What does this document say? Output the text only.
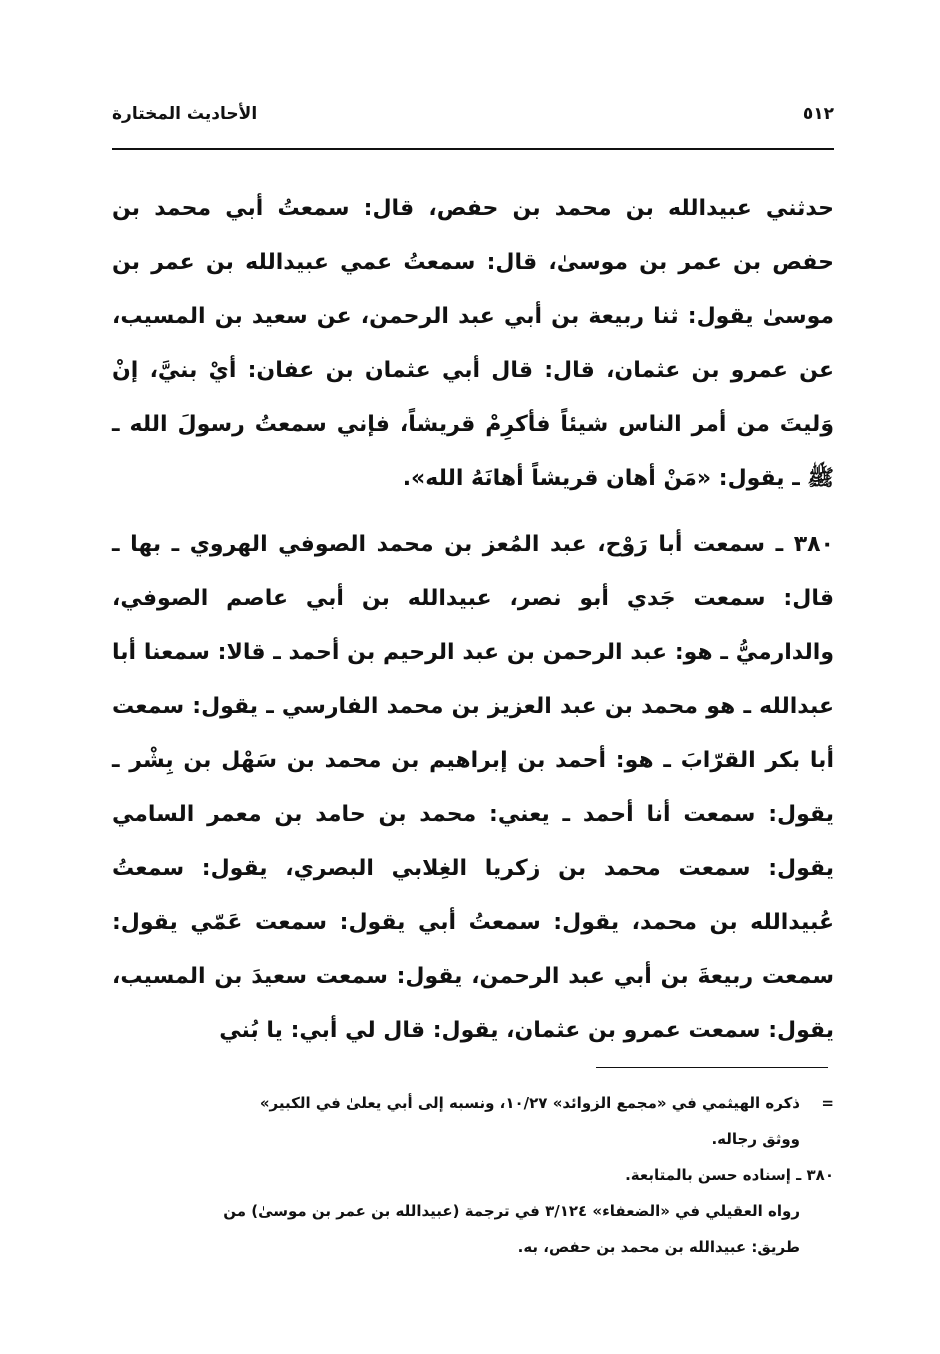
٥١٢
الأحاديث المختارة

حدثني عبيدالله بن محمد بن حفص، قال: سمعتُ أبي محمد بن حفص بن عمر بن موسىٰ، قال: سمعتُ عمي عبيدالله بن عمر بن موسىٰ يقول: ثنا ربيعة بن أبي عبد الرحمن، عن سعيد بن المسيب، عن عمرو بن عثمان، قال: قال أبي عثمان بن عفان: أيْ بنيَّ، إنْ وَليتَ من أمر الناس شيئاً فأكرِمْ قريشاً، فإني سمعتُ رسولَ الله ـ ﷺ ـ يقول: «مَنْ أهان قريشاً أهانَهُ الله».

٣٨٠ ـ سمعت أبا رَوْح، عبد المُعز بن محمد الصوفي الهروي ـ بها ـ قال: سمعت جَدي أبو نصر، عبيدالله بن أبي عاصم الصوفي، والدارميُّ ـ هو: عبد الرحمن بن عبد الرحيم بن أحمد ـ قالا: سمعنا أبا عبدالله ـ هو محمد بن عبد العزيز بن محمد الفارسي ـ يقول: سمعت أبا بكر القرّابَ ـ هو: أحمد بن إبراهيم بن محمد بن سَهْل بن بِشْر ـ يقول: سمعت أنا أحمد ـ يعني: محمد بن حامد بن معمر السامي يقول: سمعت محمد بن زكريا الغِلابي البصري، يقول: سمعتُ عُبيدالله بن محمد، يقول: سمعتُ أبي يقول: سمعت عَمّي يقول: سمعت ربيعةَ بن أبي عبد الرحمن، يقول: سمعت سعيدَ بن المسيب، يقول: سمعت عمرو بن عثمان، يقول: قال لي أبي: يا بُني

=
ذكره الهيثمي في «مجمع الزوائد» ١٠/٢٧، ونسبه إلى أبي يعلىٰ في الكبير»
ووثق رجاله.

٣٨٠ ـ إسناده حسن بالمتابعة.

رواه العقيلي في «الضعفاء» ٣/١٢٤ في ترجمة (عبيدالله بن عمر بن موسىٰ) من
طريق: عبيدالله بن محمد بن حفص، به.
